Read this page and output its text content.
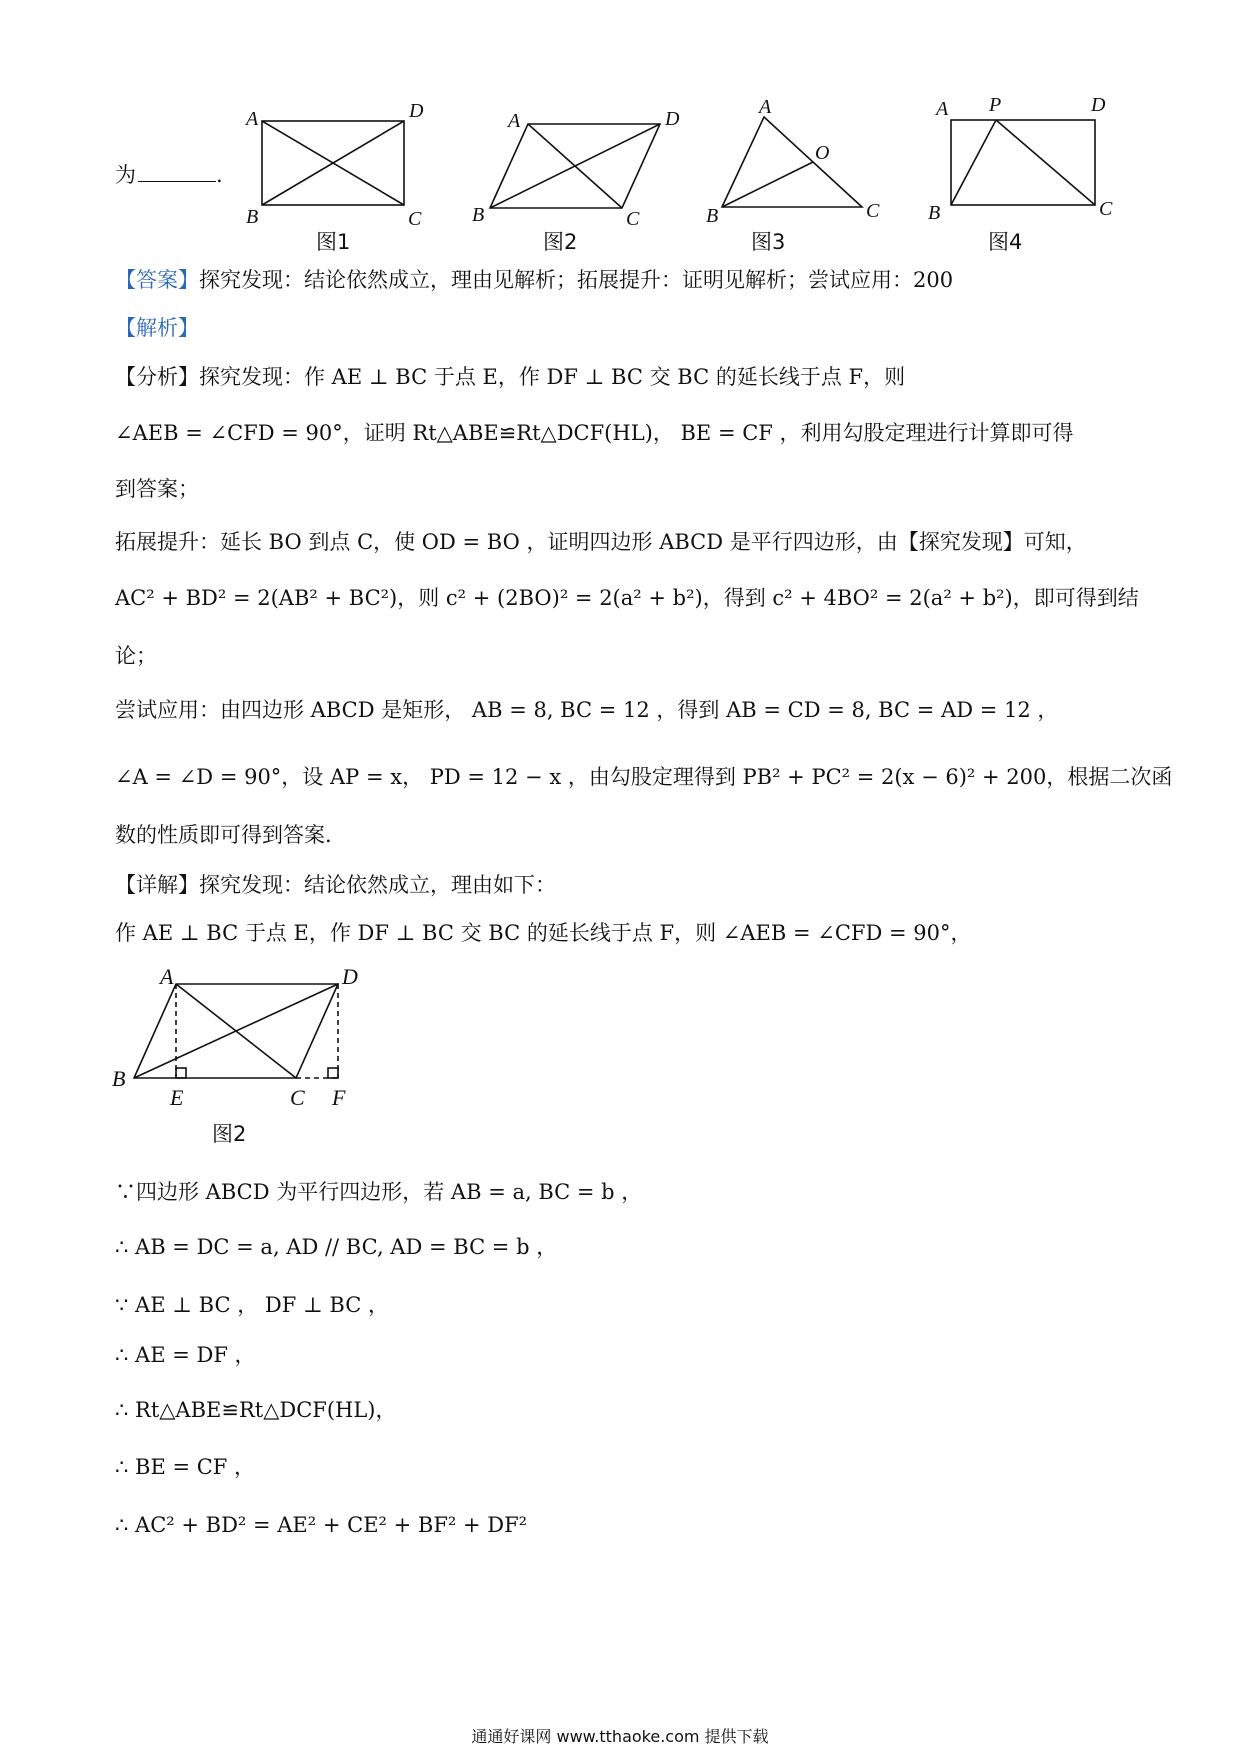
为	.
A	D
B	C
A	D
B	C
A
O
B	C
A P	D
B	C
图1	图2	图3	图4
【答案】探究发现：结论依然成立，理由见解析；拓展提升：证明见解析；尝试应用：200
【解析】
【分析】探究发现：作 AE ⊥ BC 于点 E，作 DF ⊥ BC 交 BC 的延长线于点 F，则
∠AEB = ∠CFD = 90°，证明 Rt△ABE≌Rt△DCF(HL)， BE = CF ，利用勾股定理进行计算即可得
到答案；
拓展提升：延长 BO 到点 C，使 OD = BO ，证明四边形 ABCD 是平行四边形，由【探究发现】可知，
AC² + BD² = 2(AB² + BC²)，则 c² + (2BO)² = 2(a² + b²)，得到 c² + 4BO² = 2(a² + b²)，即可得到结
论；
尝试应用：由四边形 ABCD 是矩形， AB = 8, BC = 12 ，得到 AB = CD = 8, BC = AD = 12 ，
∠A = ∠D = 90°，设 AP = x， PD = 12 − x ，由勾股定理得到 PB² + PC² = 2(x − 6)² + 200，根据二次函
数的性质即可得到答案.
【详解】探究发现：结论依然成立，理由如下：
作 AE ⊥ BC 于点 E，作 DF ⊥ BC 交 BC 的延长线于点 F，则 ∠AEB = ∠CFD = 90°，
A	D
B
E	C F
图2
∵四边形 ABCD 为平行四边形，若 AB = a, BC = b ，
∴ AB = DC = a, AD // BC, AD = BC = b ，
∵ AE ⊥ BC ， DF ⊥ BC ，
∴ AE = DF ，
∴ Rt△ABE≌Rt△DCF(HL)，
∴ BE = CF ，
∴ AC² + BD² = AE² + CE² + BF² + DF²
通通好课网 www.tthaoke.com 提供下载
